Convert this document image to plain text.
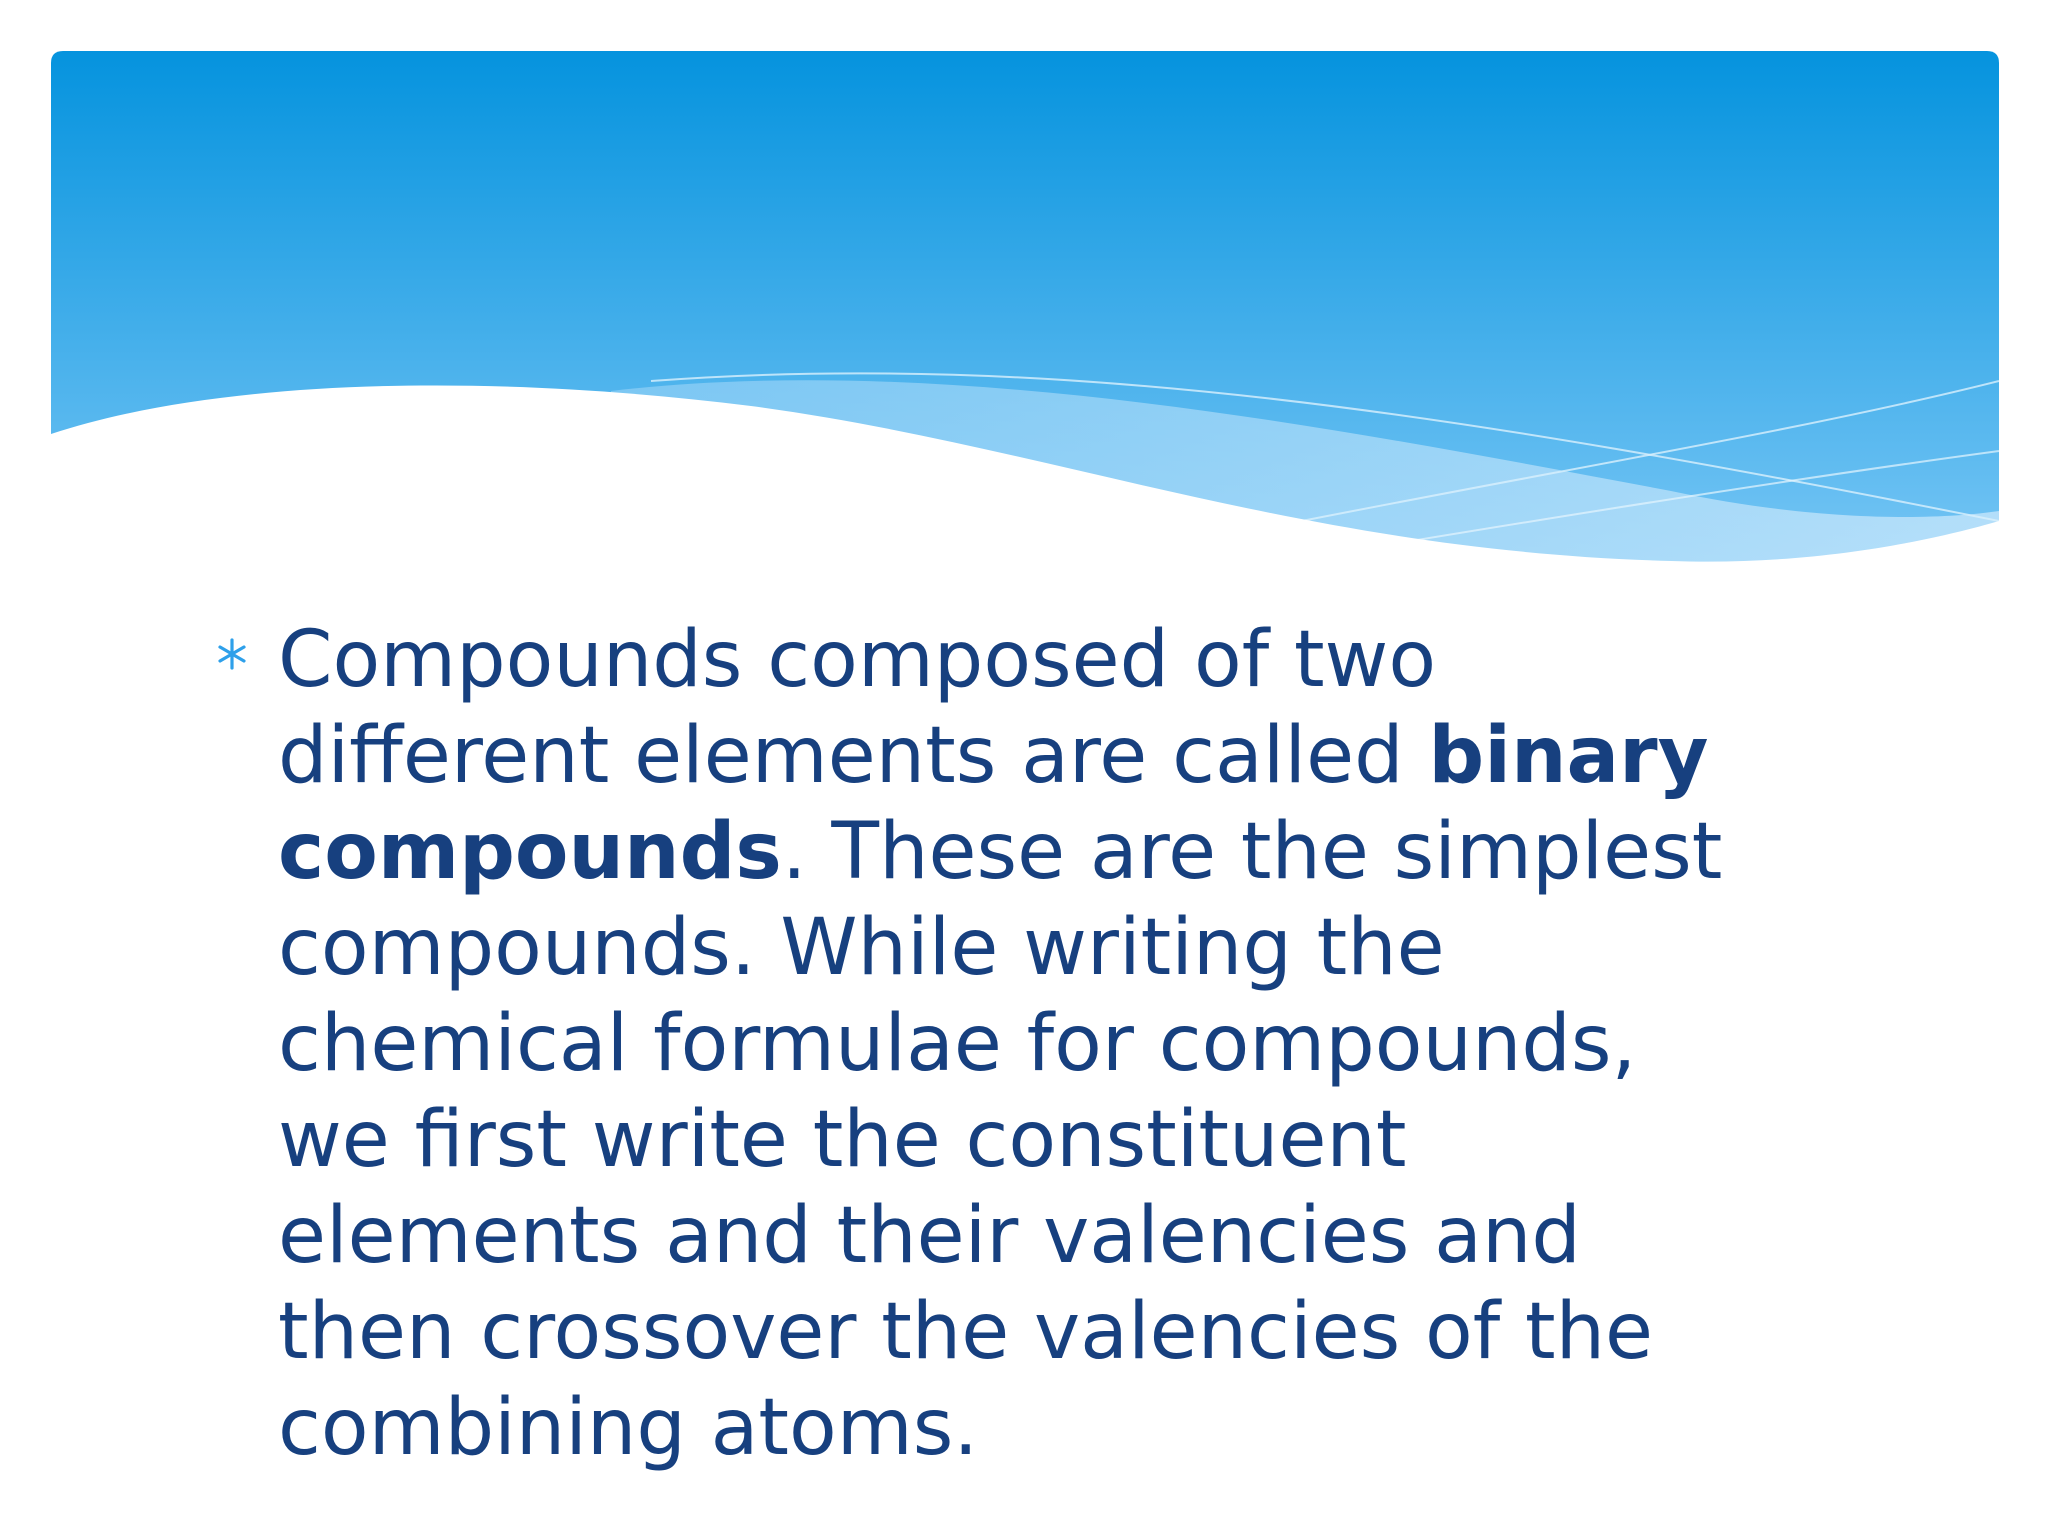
Compounds composed of two different elements are called binary compounds. These are the simplest compounds. While writing the chemical formulae for compounds, we first write the constituent elements and their valencies and then crossover the valencies of the combining atoms.
